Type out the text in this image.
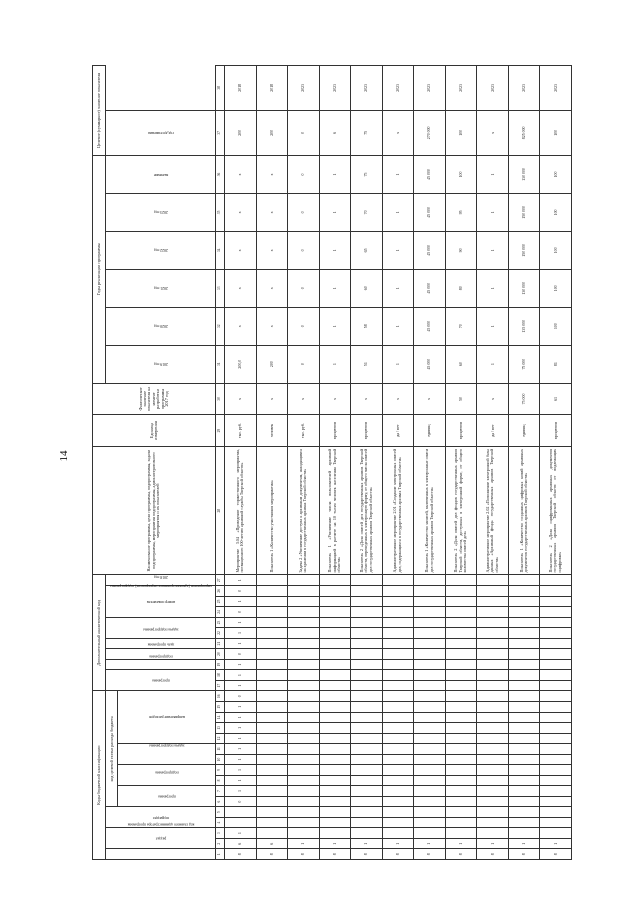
14
Коды бюджетной классификации																Дополнительный аналитический код											Наименование программы, цели программы, подпрограммы, задачи подпрограммы, мероприятия подпрограммы, административного мероприятия и их показателей	Единица измерения	Фактическое значение показателя на момент разработки программы 2017 год	Годы реализации программы						Целевое (суммарное) значение показателя	
код главного администратора программы	раздел		подраздел		код целевой статьи расхода бюджета											программа		подпрограмма	цель программы	задача подпрограммы	мероприятие (административное мероприятие) подпрограммы		номер показателя			2018 год				2019 год	2020 год	2021 год	2022 год	2023 год	значение	год достижения	
					программа		подпрограмма		задача подпрограммы		направление расходов																										
1	2	3	4	5	6	7	8	9	10	11	12	13	14	15	16	17	18	19	20	21	22	23	24	25	26	27	28	29	30	31	32	33	34	35	36	37	38
8	6	1			0	1	1	1	1	1	1	1	1	1	0	1	1	1	0	1	1	1	0	1	0	1	Мероприятие 3.04 «Проведение торжественного мероприятия, посвященного 100-летию архивной службы Тверской области»	тыс. руб.	х	200,0	х	х	х	х	х	200	2018
8	6																										Показатель 1 «Количество участников мероприятия»	человек	х	200	х	х	х	х	х	200	2018
8	1																										Задача 2 «Увеличение доступа к архивным документам, находящимся на хранении в государственных архивах Тверской области»	тыс. руб.	х	0	0	0	0	0	0	0	2023
8	1																										Показатель 1 «Увеличение числа пользователей архивной информацией в расчете на 10 тысяч человек населения Тверской области»	процентов	х	1	1	1	1	1	1	6	2023
8	1																										Показатель 2 «Доля описей дел государственных архивов Тверской области, переведенных в электронную форму, от общего числа описей дел государственных архивов Тверской области»	процентов	х	51	58	60	65	70	75	75	2023
8	1																										Административное мероприятие 2.01 «Создание электронных описей дел, содержащихся в государственных архивах Тверской области»	да / нет	х	1	1	1	1	1	1	х	2023
8	1																										Показатель 1 «Количество записей, включенных в электронные описи дел государственных архивов Тверской области»	единиц	х	45 000	45 000	45 000	45 000	45 000	45 000	270 000	2023
8	1																										Показатель 2 «Доля описей дел фондов государственных архивов Тверской области, доступных в электронной форме, от общего количества описей дел»	процентов	50	60	70	80	90	95	100	100	2023
8	1																										Административное мероприятие 2.02 «Пополнение электронной базы данных «Архивный фонд» государственных архивов Тверской области»	да / нет	х	1	1	1	1	1	1	х	2023
8	1																										Показатель 1 «Количество созданных цифровых копий архивных документов государственных архивов Тверской области»	единиц	75 000	75 000	135 000	130 000	150 000	150 000	130 000	825 000	2023
8	1																										Показатель 2 «Доля оцифрованных архивных документов государственных архивов Тверской области от подлежащих оцифровке»	процентов	61	81	100	100	100	100	100	100	2023
